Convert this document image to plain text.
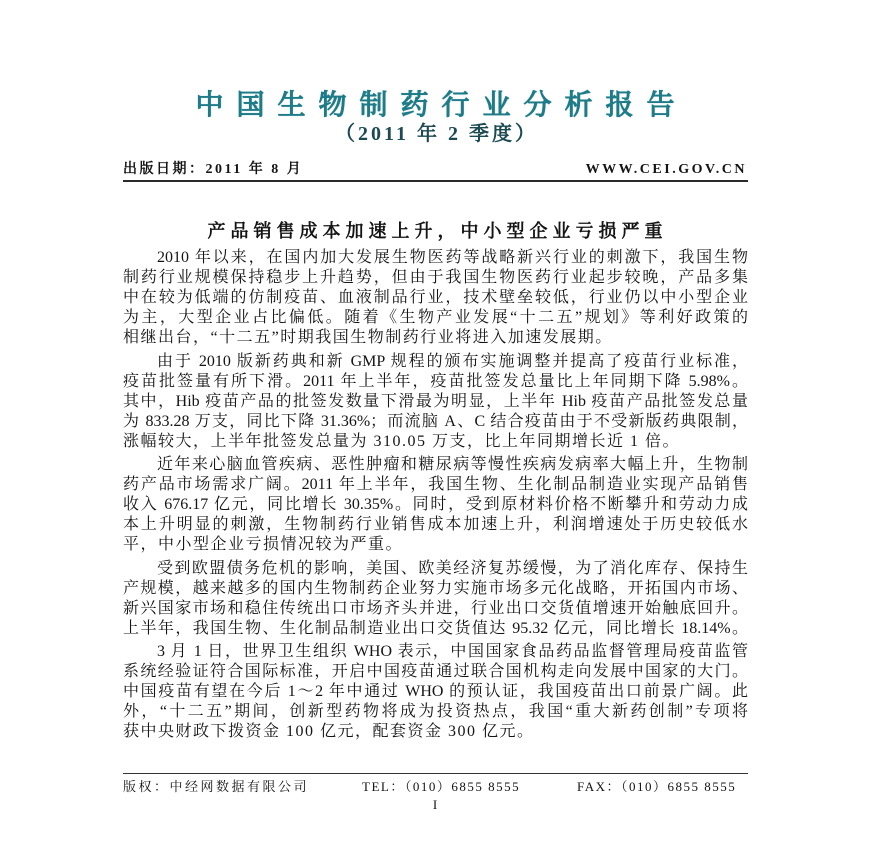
中国生物制药行业分析报告
（2011 年 2 季度）
出版日期：2011 年 8 月	WWW.CEI.GOV.CN
产品销售成本加速上升，中小型企业亏损严重
2010 年以来，在国内加大发展生物医药等战略新兴行业的刺激下，我国生物
制药行业规模保持稳步上升趋势，但由于我国生物医药行业起步较晚，产品多集
中在较为低端的仿制疫苗、血液制品行业，技术壁垒较低，行业仍以中小型企业
为主，大型企业占比偏低。随着《生物产业发展“十二五”规划》等利好政策的
相继出台，“十二五”时期我国生物制药行业将进入加速发展期。
由于 2010 版新药典和新 GMP 规程的颁布实施调整并提高了疫苗行业标准，
疫苗批签量有所下滑。2011 年上半年，疫苗批签发总量比上年同期下降 5.98%。
其中，Hib 疫苗产品的批签发数量下滑最为明显，上半年 Hib 疫苗产品批签发总量
为 833.28 万支，同比下降 31.36%；而流脑 A、C 结合疫苗由于不受新版药典限制，
涨幅较大，上半年批签发总量为 310.05 万支，比上年同期增长近 1 倍。
近年来心脑血管疾病、恶性肿瘤和糖尿病等慢性疾病发病率大幅上升，生物制
药产品市场需求广阔。2011 年上半年，我国生物、生化制品制造业实现产品销售
收入 676.17 亿元，同比增长 30.35%。同时，受到原材料价格不断攀升和劳动力成
本上升明显的刺激，生物制药行业销售成本加速上升，利润增速处于历史较低水
平，中小型企业亏损情况较为严重。
受到欧盟债务危机的影响，美国、欧美经济复苏缓慢，为了消化库存、保持生
产规模，越来越多的国内生物制药企业努力实施市场多元化战略，开拓国内市场、
新兴国家市场和稳住传统出口市场齐头并进，行业出口交货值增速开始触底回升。
上半年，我国生物、生化制品制造业出口交货值达 95.32 亿元，同比增长 18.14%。
3 月 1 日，世界卫生组织 WHO 表示，中国国家食品药品监督管理局疫苗监管
系统经验证符合国际标准，开启中国疫苗通过联合国机构走向发展中国家的大门。
中国疫苗有望在今后 1～2 年中通过 WHO 的预认证，我国疫苗出口前景广阔。此
外，“十二五”期间，创新型药物将成为投资热点，我国“重大新药创制”专项将
获中央财政下拨资金 100 亿元，配套资金 300 亿元。
版权：中经网数据有限公司	TEL：（010）6855 8555	FAX：（010）6855 8555
I
